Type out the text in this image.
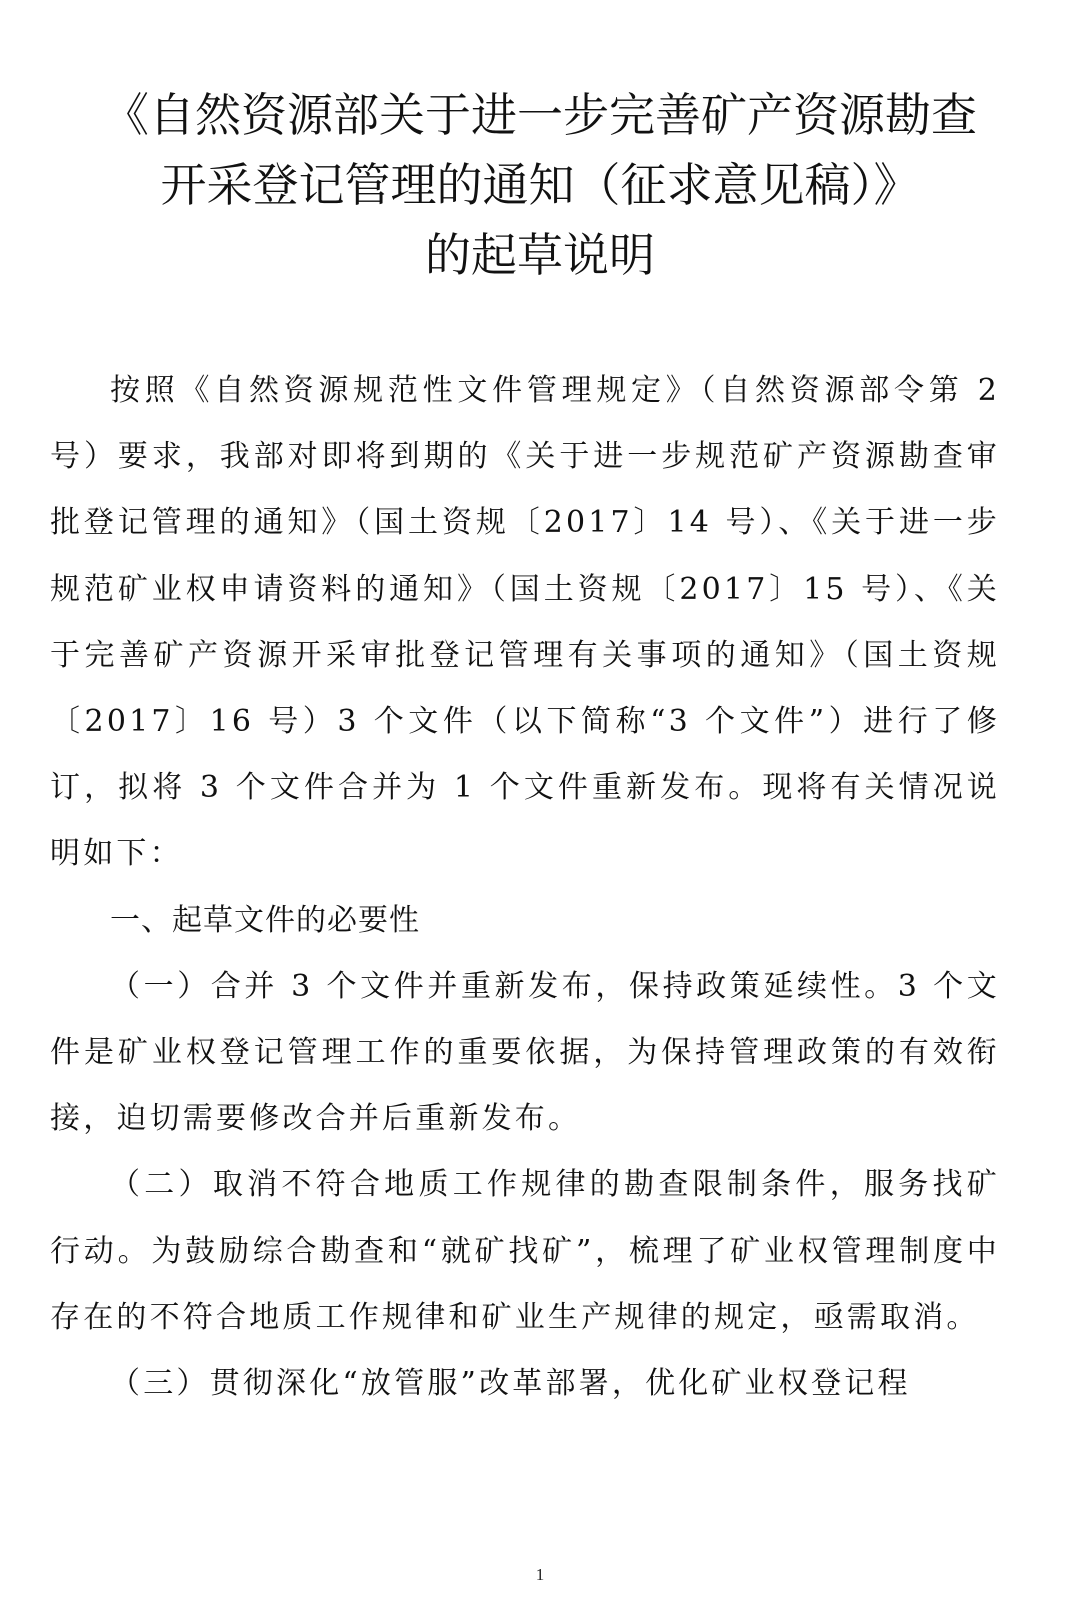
《自然资源部关于进一步完善矿产资源勘查
开采登记管理的通知（征求意见稿）》
的起草说明

按照《自然资源规范性文件管理规定》（自然资源部令第 2 号）要求，我部对即将到期的《关于进一步规范矿产资源勘查审批登记管理的通知》（国土资规〔2017〕14 号）、《关于进一步规范矿业权申请资料的通知》（国土资规〔2017〕15 号）、《关于完善矿产资源开采审批登记管理有关事项的通知》（国土资规〔2017〕16 号）3 个文件（以下简称“3 个文件”）进行了修订，拟将 3 个文件合并为 1 个文件重新发布。现将有关情况说明如下：

一、起草文件的必要性

（一）合并 3 个文件并重新发布，保持政策延续性。3 个文件是矿业权登记管理工作的重要依据，为保持管理政策的有效衔接，迫切需要修改合并后重新发布。

（二）取消不符合地质工作规律的勘查限制条件，服务找矿行动。为鼓励综合勘查和“就矿找矿”，梳理了矿业权管理制度中存在的不符合地质工作规律和矿业生产规律的规定，亟需取消。

（三）贯彻深化“放管服”改革部署，优化矿业权登记程

1
